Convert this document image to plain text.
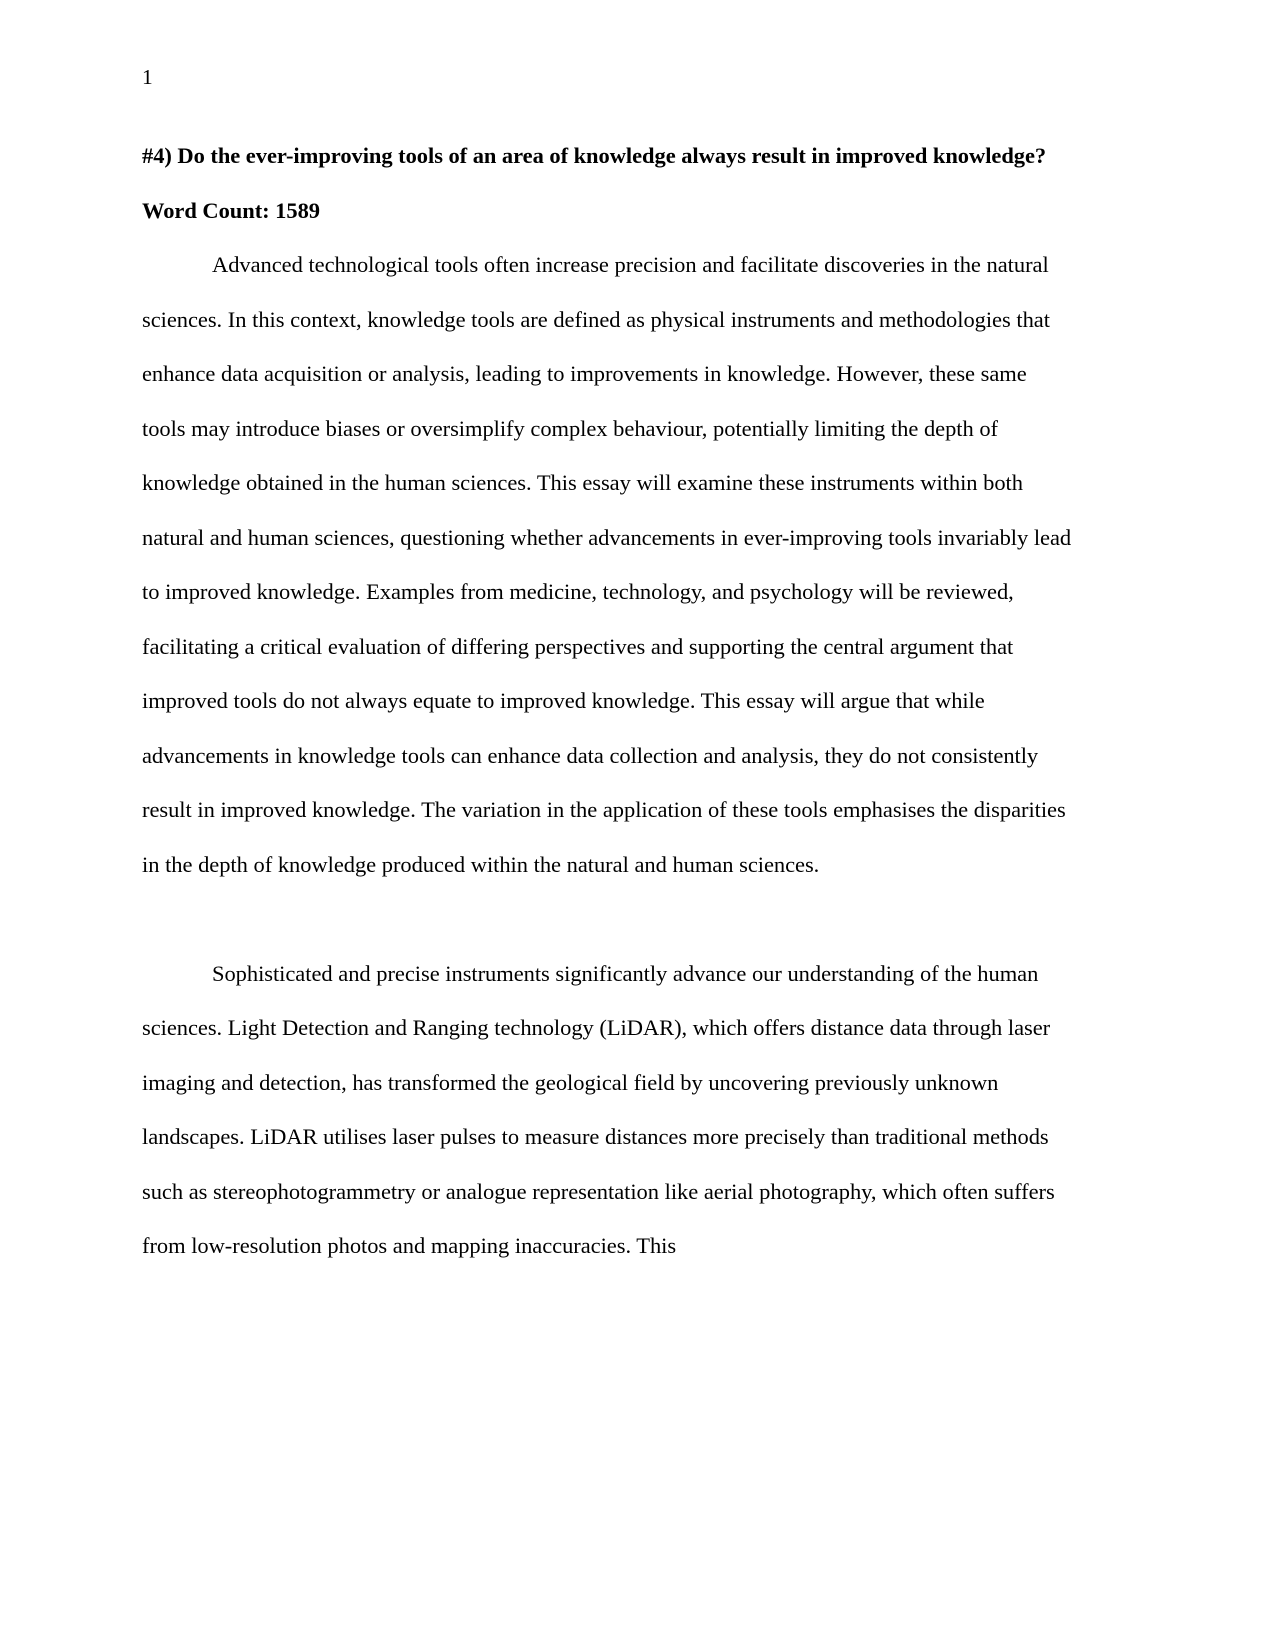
1
#4) Do the ever-improving tools of an area of knowledge always result in improved knowledge?
Word Count: 1589

Advanced technological tools often increase precision and facilitate discoveries in the natural sciences. In this context, knowledge tools are defined as physical instruments and methodologies that enhance data acquisition or analysis, leading to improvements in knowledge. However, these same tools may introduce biases or oversimplify complex behaviour, potentially limiting the depth of knowledge obtained in the human sciences. This essay will examine these instruments within both natural and human sciences, questioning whether advancements in ever-improving tools invariably lead to improved knowledge. Examples from medicine, technology, and psychology will be reviewed, facilitating a critical evaluation of differing perspectives and supporting the central argument that improved tools do not always equate to improved knowledge. This essay will argue that while advancements in knowledge tools can enhance data collection and analysis, they do not consistently result in improved knowledge. The variation in the application of these tools emphasises the disparities in the depth of knowledge produced within the natural and human sciences.

Sophisticated and precise instruments significantly advance our understanding of the human sciences. Light Detection and Ranging technology (LiDAR), which offers distance data through laser imaging and detection, has transformed the geological field by uncovering previously unknown landscapes. LiDAR utilises laser pulses to measure distances more precisely than traditional methods such as stereophotogrammetry or analogue representation like aerial photography, which often suffers from low-resolution photos and mapping inaccuracies. This
